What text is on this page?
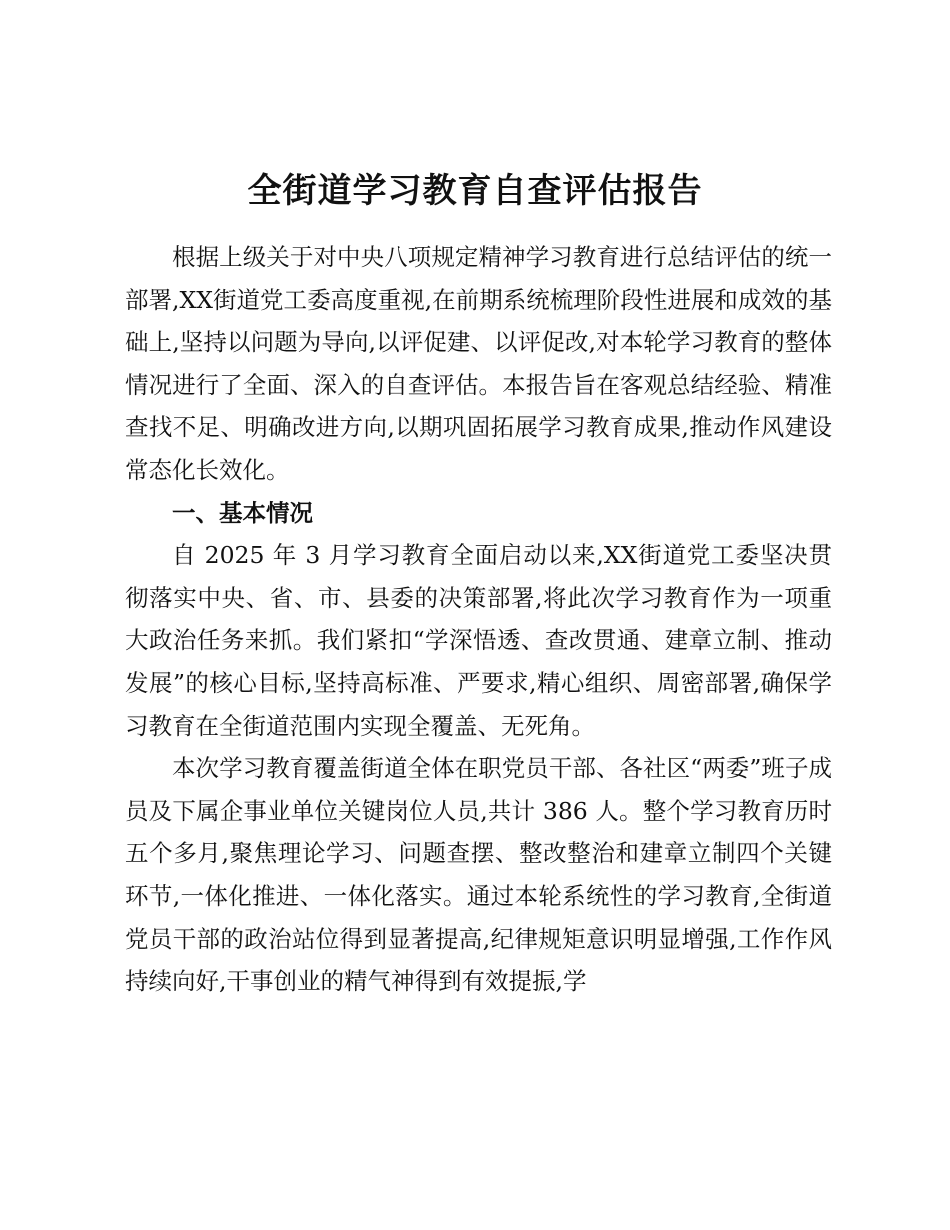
全街道学习教育自查评估报告

根据上级关于对中央八项规定精神学习教育进行总结评估的统一部署,XX街道党工委高度重视,在前期系统梳理阶段性进展和成效的基础上,坚持以问题为导向,以评促建、以评促改,对本轮学习教育的整体情况进行了全面、深入的自查评估。本报告旨在客观总结经验、精准查找不足、明确改进方向,以期巩固拓展学习教育成果,推动作风建设常态化长效化。

一、基本情况

自 2025 年 3 月学习教育全面启动以来,XX街道党工委坚决贯彻落实中央、省、市、县委的决策部署,将此次学习教育作为一项重大政治任务来抓。我们紧扣“学深悟透、查改贯通、建章立制、推动发展”的核心目标,坚持高标准、严要求,精心组织、周密部署,确保学习教育在全街道范围内实现全覆盖、无死角。

本次学习教育覆盖街道全体在职党员干部、各社区“两委”班子成员及下属企事业单位关键岗位人员,共计 386 人。整个学习教育历时五个多月,聚焦理论学习、问题查摆、整改整治和建章立制四个关键环节,一体化推进、一体化落实。通过本轮系统性的学习教育,全街道党员干部的政治站位得到显著提高,纪律规矩意识明显增强,工作作风持续向好,干事创业的精气神得到有效提振,学
